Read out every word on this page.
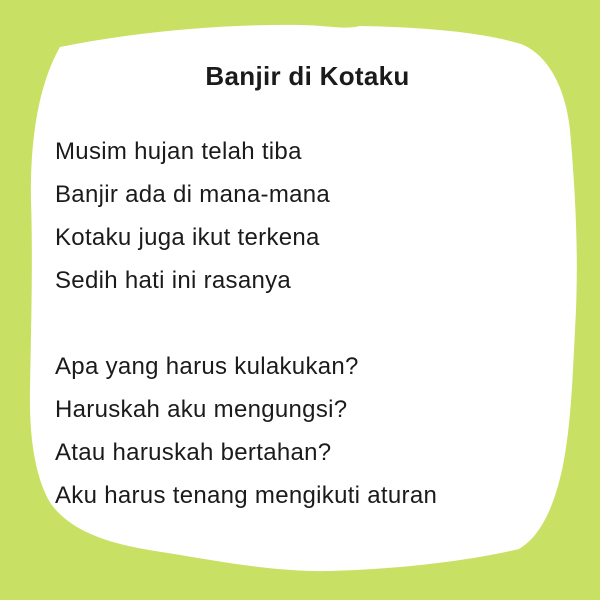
Banjir di Kotaku

Musim hujan telah tiba

Banjir ada di mana-mana

Kotaku juga ikut terkena

Sedih hati ini rasanya

Apa yang harus kulakukan?

Haruskah aku mengungsi?

Atau haruskah bertahan?

Aku harus tenang mengikuti aturan
